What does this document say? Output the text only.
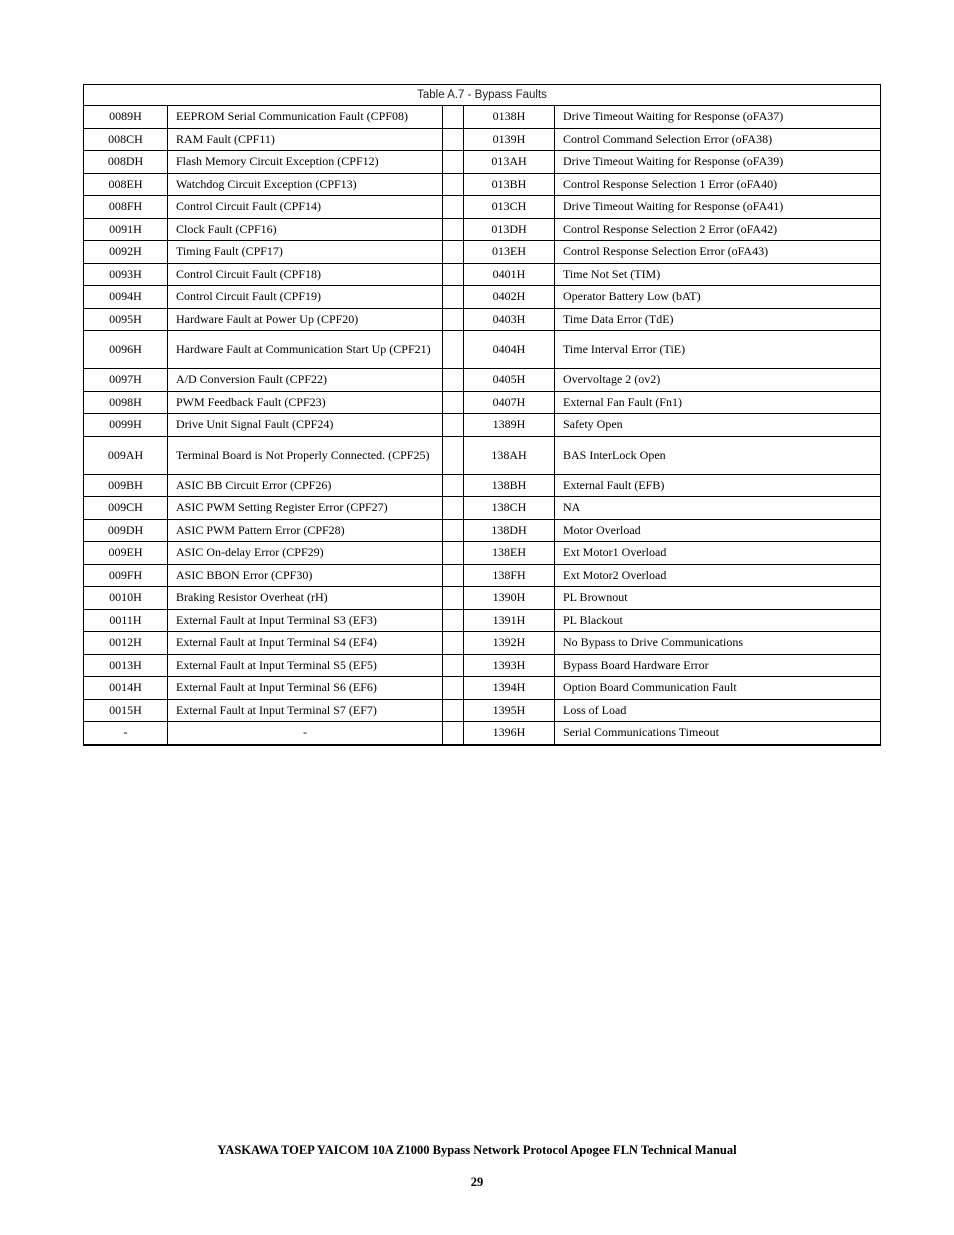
Table A.7 - Bypass Faults				
0089H	EEPROM Serial Communication Fault (CPF08)		0138H	Drive Timeout Waiting for Response (oFA37)
008CH	RAM Fault (CPF11)		0139H	Control Command Selection Error (oFA38)
008DH	Flash Memory Circuit Exception (CPF12)		013AH	Drive Timeout Waiting for Response (oFA39)
008EH	Watchdog Circuit Exception (CPF13)		013BH	Control Response Selection 1 Error (oFA40)
008FH	Control Circuit Fault (CPF14)		013CH	Drive Timeout Waiting for Response (oFA41)
0091H	Clock Fault (CPF16)		013DH	Control Response Selection 2 Error (oFA42)
0092H	Timing Fault (CPF17)		013EH	Control Response Selection Error (oFA43)
0093H	Control Circuit Fault (CPF18)		0401H	Time Not Set (TIM)
0094H	Control Circuit Fault (CPF19)		0402H	Operator Battery Low (bAT)
0095H	Hardware Fault at Power Up (CPF20)		0403H	Time Data Error (TdE)
0096H	Hardware Fault at Communication Start Up (CPF21)		0404H	Time Interval Error (TiE)
0097H	A/D Conversion Fault (CPF22)		0405H	Overvoltage 2 (ov2)
0098H	PWM Feedback Fault (CPF23)		0407H	External Fan Fault (Fn1)
0099H	Drive Unit Signal Fault (CPF24)		1389H	Safety Open
009AH	Terminal Board is Not Properly Connected. (CPF25)		138AH	BAS InterLock Open
009BH	ASIC BB Circuit Error (CPF26)		138BH	External Fault (EFB)
009CH	ASIC PWM Setting Register Error (CPF27)		138CH	NA
009DH	ASIC PWM Pattern Error (CPF28)		138DH	Motor Overload
009EH	ASIC On-delay Error (CPF29)		138EH	Ext Motor1 Overload
009FH	ASIC BBON Error (CPF30)		138FH	Ext Motor2 Overload
0010H	Braking Resistor Overheat (rH)		1390H	PL Brownout
0011H	External Fault at Input Terminal S3 (EF3)		1391H	PL Blackout
0012H	External Fault at Input Terminal S4 (EF4)		1392H	No Bypass to Drive Communications
0013H	External Fault at Input Terminal S5 (EF5)		1393H	Bypass Board Hardware Error
0014H	External Fault at Input Terminal S6 (EF6)		1394H	Option Board Communication Fault
0015H	External Fault at Input Terminal S7 (EF7)		1395H	Loss of Load
-	-		1396H	Serial Communications Timeout
YASKAWA TOEP YAICOM 10A Z1000 Bypass Network Protocol Apogee FLN Technical Manual
29
